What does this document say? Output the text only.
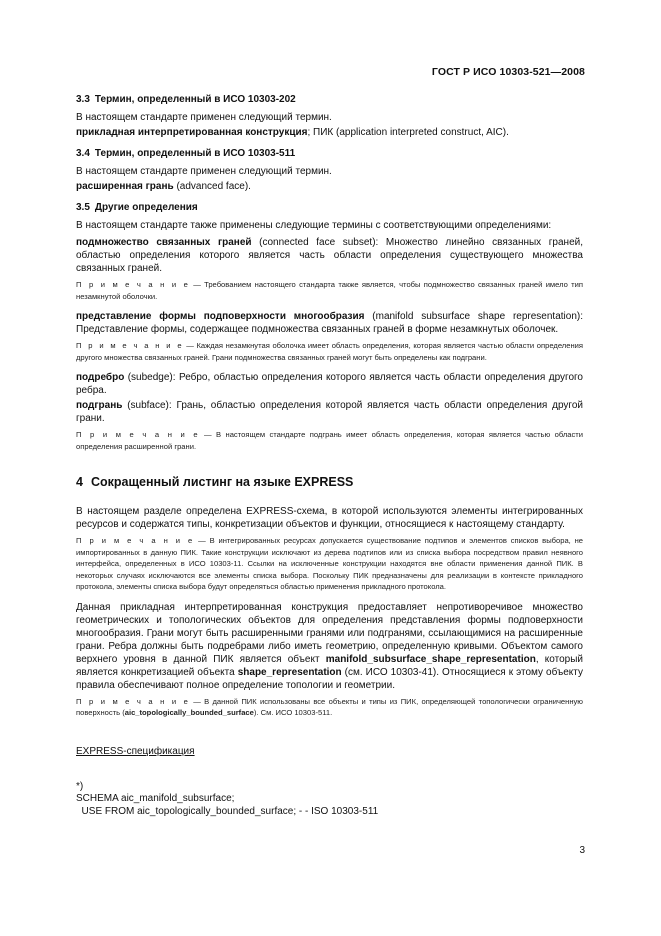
ГОСТ Р ИСО 10303-521—2008
3.3 Термин, определенный в ИСО 10303-202
В настоящем стандарте применен следующий термин.
прикладная интерпретированная конструкция; ПИК (application interpreted construct, AIC).
3.4 Термин, определенный в ИСО 10303-511
В настоящем стандарте применен следующий термин.
расширенная грань (advanced face).
3.5 Другие определения
В настоящем стандарте также применены следующие термины с соответствующими определениями:
подмножество связанных граней (connected face subset): Множество линейно связанных граней, областью определения которого является часть области определения существующего множества связанных граней.
П р и м е ч а н и е — Требованием настоящего стандарта также является, чтобы подмножество связанных граней имело тип незамкнутой оболочки.
представление формы подповерхности многообразия (manifold subsurface shape representation): Представление формы, содержащее подмножества связанных граней в форме незамкнутых оболочек.
П р и м е ч а н и е — Каждая незамкнутая оболочка имеет область определения, которая является частью области определения другого множества связанных граней. Грани подмножества связанных граней могут быть определены как подграни.
подребро (subedge): Ребро, областью определения которого является часть области определения другого ребра.
подгрань (subface): Грань, областью определения которой является часть области определения другой грани.
П р и м е ч а н и е — В настоящем стандарте подгрань имеет область определения, которая является частью области определения расширенной грани.
4 Сокращенный листинг на языке EXPRESS
В настоящем разделе определена EXPRESS-схема, в которой используются элементы интегрированных ресурсов и содержатся типы, конкретизации объектов и функции, относящиеся к настоящему стандарту.
П р и м е ч а н и е — В интегрированных ресурсах допускается существование подтипов и элементов списков выбора, не импортированных в данную ПИК. Такие конструкции исключают из дерева подтипов или из списка выбора посредством правил неявного интерфейса, определенных в ИСО 10303-11. Ссылки на исключенные конструкции находятся вне области применения данной ПИК. В некоторых случаях исключаются все элементы списка выбора. Поскольку ПИК предназначены для реализации в контексте прикладного протокола, элементы списка выбора будут определяться областью применения прикладного протокола.
Данная прикладная интерпретированная конструкция предоставляет непротиворечивое множество геометрических и топологических объектов для определения представления формы подповерхности многообразия. Грани могут быть расширенными гранями или подгранями, ссылающимися на расширенные грани. Ребра должны быть подребрами либо иметь геометрию, определенную кривыми. Объектом самого верхнего уровня в данной ПИК является объект manifold_subsurface_shape_representation, который является конкретизацией объекта shape_representation (см. ИСО 10303-41). Относящиеся к этому объекту правила обеспечивают полное определение топологии и геометрии.
П р и м е ч а н и е — В данной ПИК использованы все объекты и типы из ПИК, определяющей топологически ограниченную поверхность (aic_topologically_bounded_surface). См. ИСО 10303-511.
EXPRESS-спецификация
*)
SCHEMA aic_manifold_subsurface;
USE FROM aic_topologically_bounded_surface; - - ISO 10303-511
3
